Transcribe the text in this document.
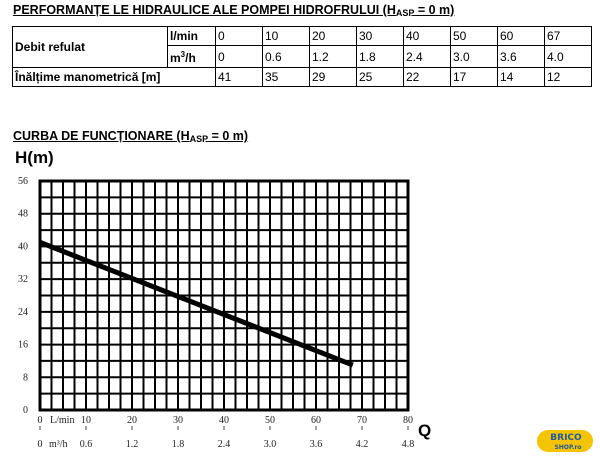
PERFORMANȚE LE HIDRAULICE ALE POMPEI HIDROFRULUI ($H_{ASP} = 0$ m)
Debit refulat	l/min	0	10	20	30	40	50	60	67
	$m^3/h$	0	0.6	1.2	1.8	2.4	3.0	3.6	4.0
Înălțime manometrică [m]		41	35	29	25	22	17	14	12
CURBA DE FUNCȚIONARE ($H_{ASP} = 0$ m)
H(m)
Q
0
8
16
24
32
40
48
56
0	10	20	30	40	50	60	70	80
L/min
0	0.6	1.2	1.8	2.4	3.0	3.6	4.2	4.8
m³/h
BRICO
SHOP.ro
